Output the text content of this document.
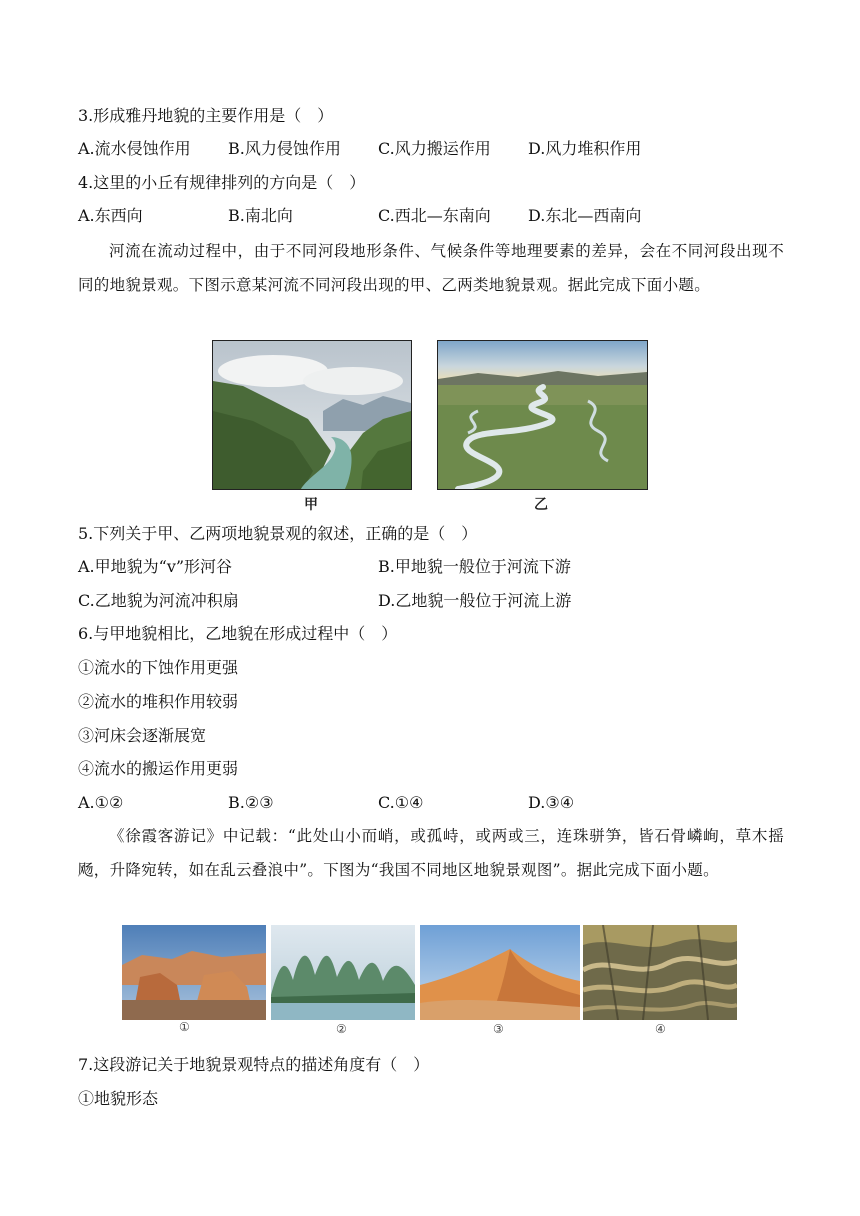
3.形成雅丹地貌的主要作用是（　）
A.流水侵蚀作用 B.风力侵蚀作用 C.风力搬运作用 D.风力堆积作用
4.这里的小丘有规律排列的方向是（　）
A.东西向	B.南北向	C.西北—东南向 D.东北—西南向
河流在流动过程中，由于不同河段地形条件、气候条件等地理要素的差异，会在不同河段出现不同的地貌景观。下图示意某河流不同河段出现的甲、乙两类地貌景观。据此完成下面小题。
甲	乙
5.下列关于甲、乙两项地貌景观的叙述，正确的是（　）
A.甲地貌为“v”形河谷	B.甲地貌一般位于河流下游
C.乙地貌为河流冲积扇	D.乙地貌一般位于河流上游
6.与甲地貌相比，乙地貌在形成过程中（　）
①流水的下蚀作用更强
②流水的堆积作用较弱
③河床会逐渐展宽
④流水的搬运作用更弱
A.①②	B.②③	C.①④	D.③④
《徐霞客游记》中记载：“此处山小而峭，或孤峙，或两或三，连珠骈笋，皆石骨嶙峋，草木摇飏，升降宛转，如在乱云叠浪中”。下图为“我国不同地区地貌景观图”。据此完成下面小题。
①	②	③	④
7.这段游记关于地貌景观特点的描述角度有（　）
①地貌形态
